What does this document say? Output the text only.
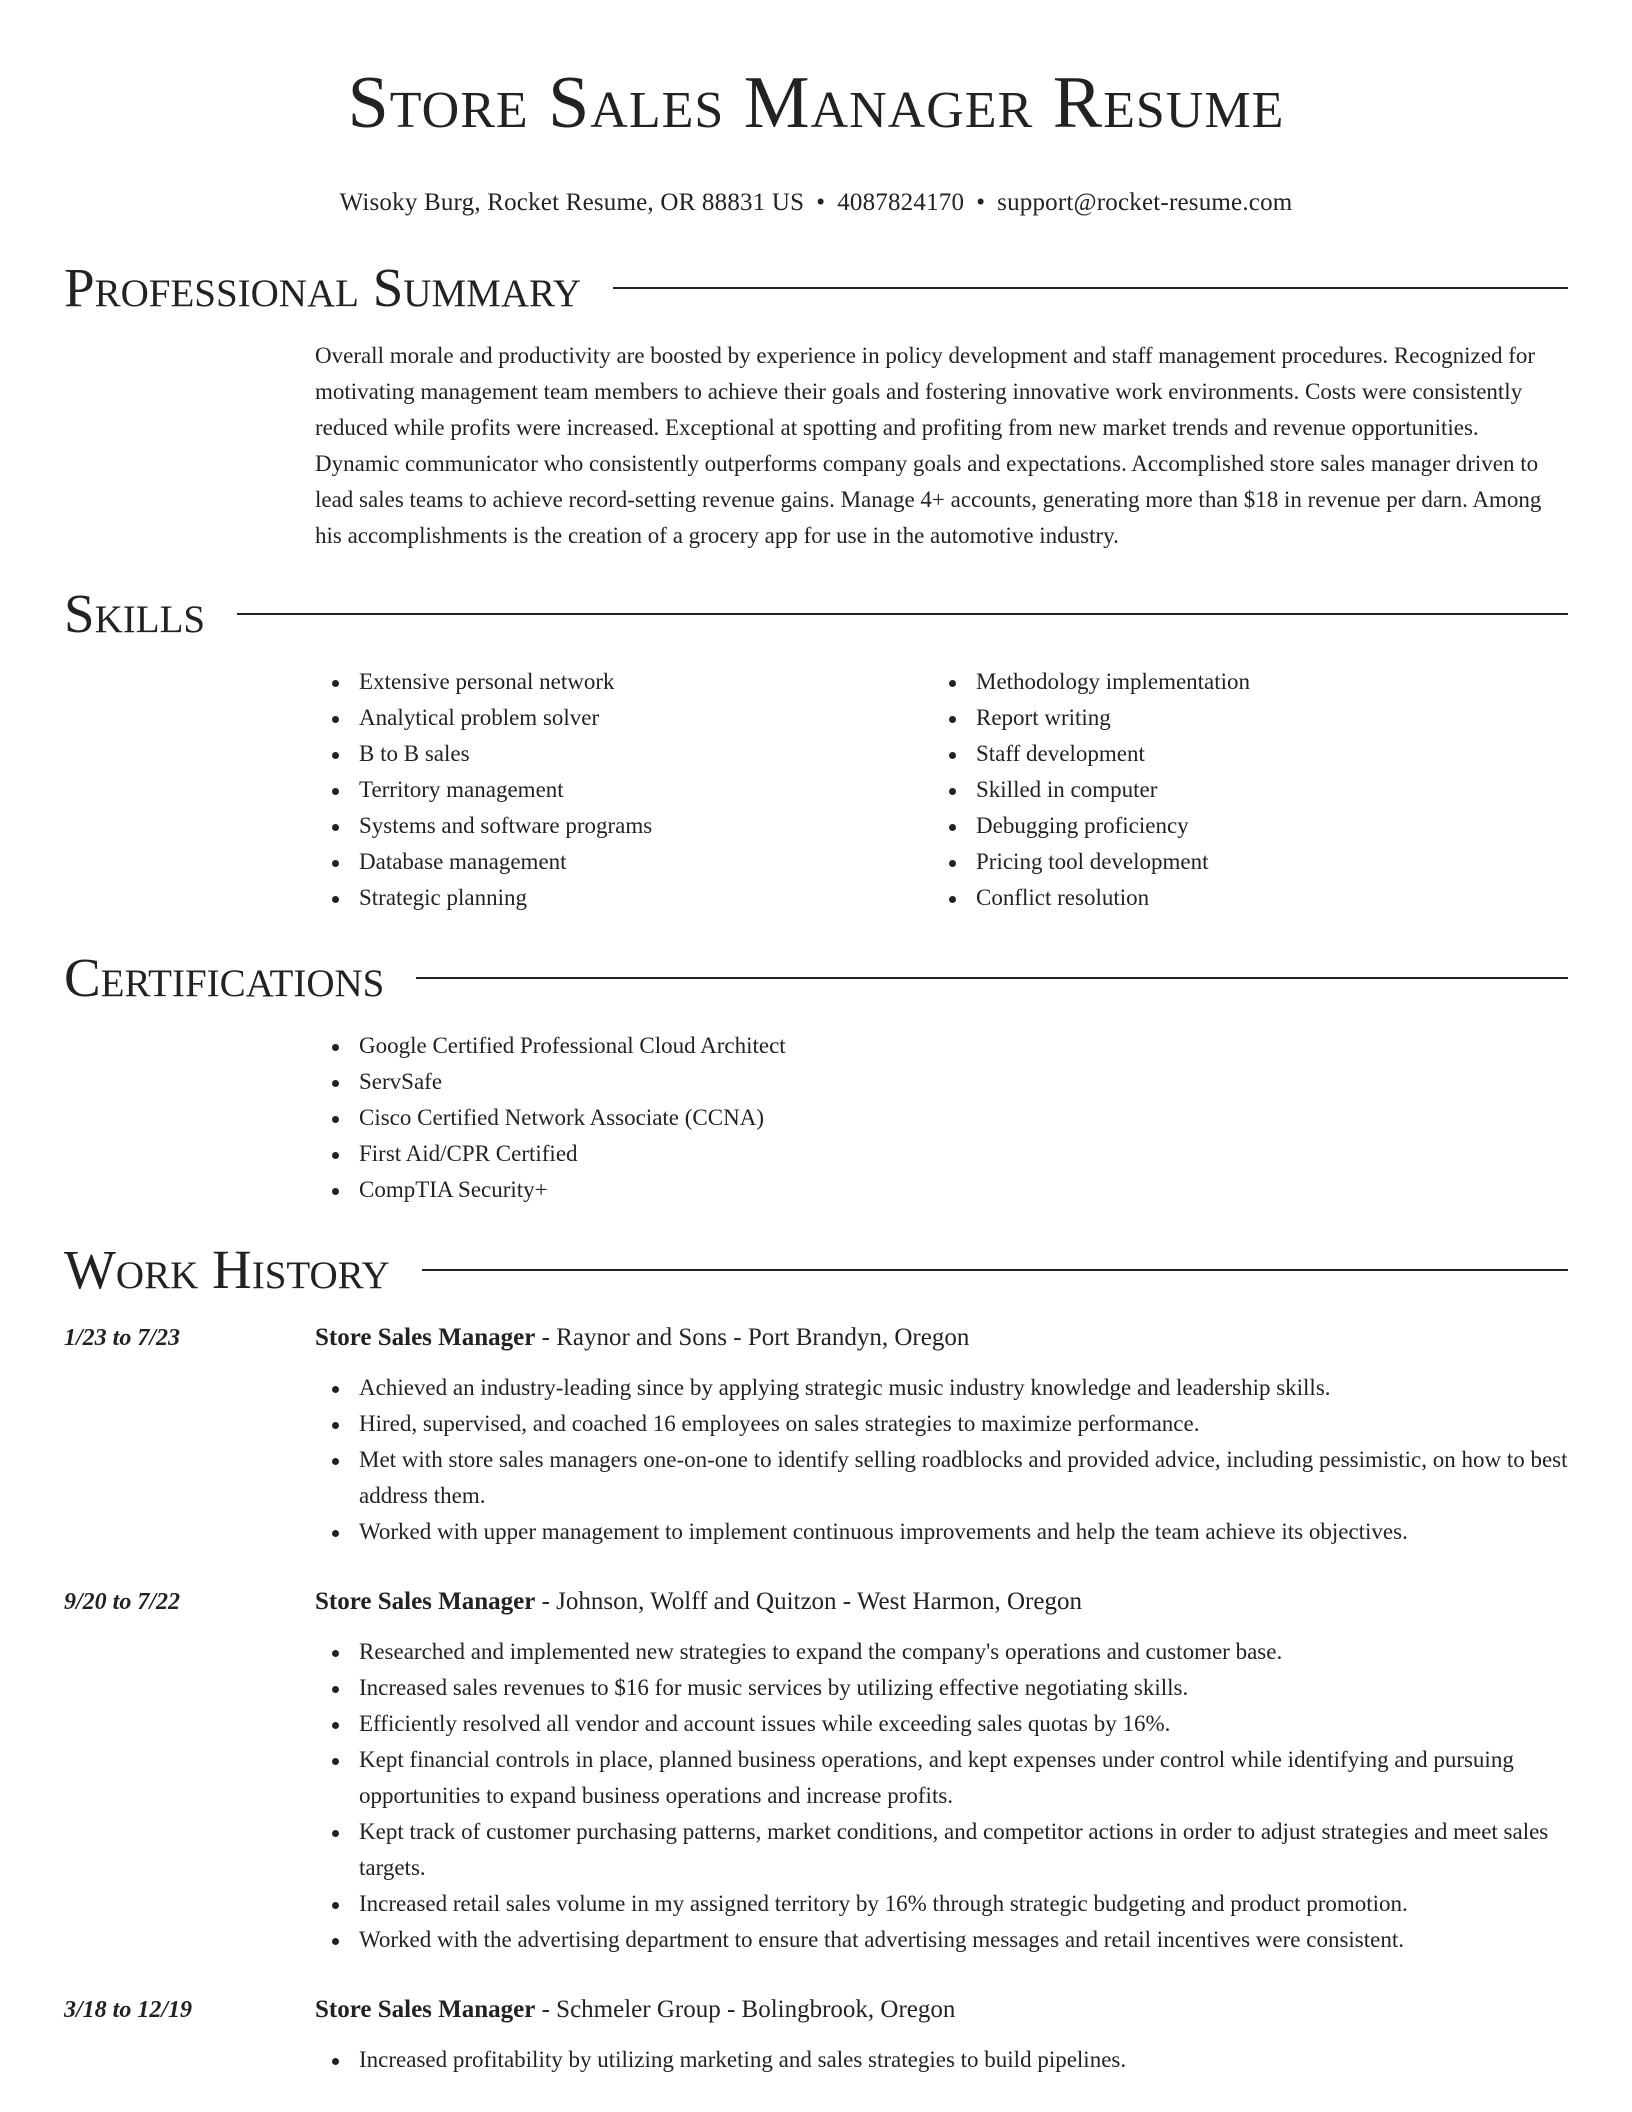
Store Sales Manager Resume
Wisoky Burg, Rocket Resume, OR 88831 US • 4087824170 • support@rocket-resume.com
Professional Summary

Overall morale and productivity are boosted by experience in policy development and staff management procedures. Recognized for motivating management team members to achieve their goals and fostering innovative work environments. Costs were consistently reduced while profits were increased. Exceptional at spotting and profiting from new market trends and revenue opportunities. Dynamic communicator who consistently outperforms company goals and expectations. Accomplished store sales manager driven to lead sales teams to achieve record-setting revenue gains. Manage 4+ accounts, generating more than $18 in revenue per darn. Among his accomplishments is the creation of a grocery app for use in the automotive industry.

Skills
Extensive personal network
Analytical problem solver
B to B sales
Territory management
Systems and software programs
Database management
Strategic planning
Methodology implementation
Report writing
Staff development
Skilled in computer
Debugging proficiency
Pricing tool development
Conflict resolution
Certifications
Google Certified Professional Cloud Architect
ServSafe
Cisco Certified Network Associate (CCNA)
First Aid/CPR Certified
CompTIA Security+
Work History
1/23 to 7/23	Store Sales Manager - Raynor and Sons - Port Brandyn, Oregon
Achieved an industry-leading since by applying strategic music industry knowledge and leadership skills.
Hired, supervised, and coached 16 employees on sales strategies to maximize performance.
Met with store sales managers one-on-one to identify selling roadblocks and provided advice, including pessimistic, on how to best address them.
Worked with upper management to implement continuous improvements and help the team achieve its objectives.
9/20 to 7/22	Store Sales Manager - Johnson, Wolff and Quitzon - West Harmon, Oregon
Researched and implemented new strategies to expand the company's operations and customer base.
Increased sales revenues to $16 for music services by utilizing effective negotiating skills.
Efficiently resolved all vendor and account issues while exceeding sales quotas by 16%.
Kept financial controls in place, planned business operations, and kept expenses under control while identifying and pursuing opportunities to expand business operations and increase profits.
Kept track of customer purchasing patterns, market conditions, and competitor actions in order to adjust strategies and meet sales targets.
Increased retail sales volume in my assigned territory by 16% through strategic budgeting and product promotion.
Worked with the advertising department to ensure that advertising messages and retail incentives were consistent.
3/18 to 12/19	Store Sales Manager - Schmeler Group - Bolingbrook, Oregon
Increased profitability by utilizing marketing and sales strategies to build pipelines.
